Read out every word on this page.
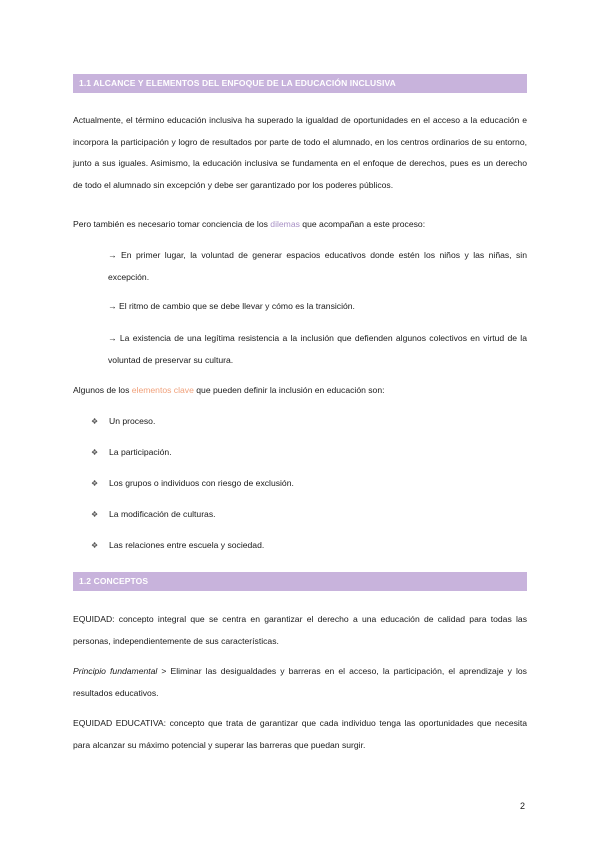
1.1 ALCANCE Y ELEMENTOS DEL ENFOQUE DE LA EDUCACIÓN INCLUSIVA
Actualmente, el término educación inclusiva ha superado la igualdad de oportunidades en el acceso a la educación e incorpora la participación y logro de resultados por parte de todo el alumnado, en los centros ordinarios de su entorno, junto a sus iguales. Asimismo, la educación inclusiva se fundamenta en el enfoque de derechos, pues es un derecho de todo el alumnado sin excepción y debe ser garantizado por los poderes públicos.
Pero también es necesario tomar conciencia de los dilemas que acompañan a este proceso:
→ En primer lugar, la voluntad de generar espacios educativos donde estén los niños y las niñas, sin excepción.
→ El ritmo de cambio que se debe llevar y cómo es la transición.
→ La existencia de una legítima resistencia a la inclusión que defienden algunos colectivos en virtud de la voluntad de preservar su cultura.
Algunos de los elementos clave que pueden definir la inclusión en educación son:
❖ Un proceso.
❖ La participación.
❖ Los grupos o individuos con riesgo de exclusión.
❖ La modificación de culturas.
❖ Las relaciones entre escuela y sociedad.
1.2 CONCEPTOS
EQUIDAD: concepto integral que se centra en garantizar el derecho a una educación de calidad para todas las personas, independientemente de sus características.
Principio fundamental > Eliminar las desigualdades y barreras en el acceso, la participación, el aprendizaje y los resultados educativos.
EQUIDAD EDUCATIVA: concepto que trata de garantizar que cada individuo tenga las oportunidades que necesita para alcanzar su máximo potencial y superar las barreras que puedan surgir.
2
